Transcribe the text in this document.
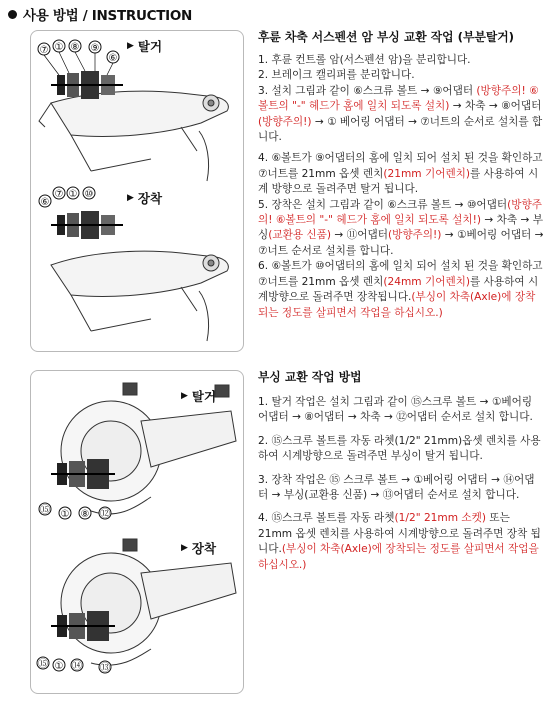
사용 방법 / INSTRUCTION
▶ 탈거
⑦ ① ⑧ ⑨
⑥
⑥
⑦ ① ⑩	▶ 장착
⑮ ① ⑧ ⑫
⑮ ① ⑭ ⑬
▶ 탈거
▶ 장착
후륜 차축 서스펜션 암 부싱 교환 작업 (부분탈거)

1. 후륜 컨트롤 암(서스펜션 암)을 분리합니다.

2. 브레이크 캘리퍼를 분리합니다.

3. 설치 그림과 같이 ⑥스크류 볼트 → ⑨어댑터 (방향주의! ⑥볼트의 "-" 헤드가 홈에 일치 되도록 설치) → 차축 → ⑧어댑터(방향주의!) → ① 베어링 어댑터 → ⑦너트의 순서로 설치를 합니다.

4. ⑥볼트가 ⑨어댑터의 홈에 일치 되어 설치 된 것을 확인하고 ⑦너트를 21mm 옵셋 렌치(21mm 기어렌치)를 사용하여 시계 방향으로 돌려주면 탈거 됩니다.

5. 장착은 설치 그림과 같이 ⑥스크류 볼트 → ⑩어댑터(방향주의! ⑥볼트의 "-" 헤드가 홈에 일치 되도록 설치!) → 차축 → 부싱(교환용 신품) → ⑪어댑터(방향주의!) → ①베어링 어댑터 → ⑦너트 순서로 설치를 합니다.

6. ⑥볼트가 ⑩어댑터의 홈에 일치 되어 설치 된 것을 확인하고 ⑦너트를 21mm 옵셋 렌치(24mm 기어렌치)를 사용하여 시계방향으로 돌려주면 장착됩니다.(부싱이 차축(Axle)에 장착되는 정도를 살피면서 작업을 하십시오.)

부싱 교환 작업 방법

1. 탈거 작업은 설치 그림과 같이 ⑮스크루 볼트 → ①베어링 어댑터 → ⑧어댑터 → 차축 → ⑫어댑터 순서로 설치 합니다.

2. ⑮스크루 볼트를 자동 라쳇(1/2" 21mm)옵셋 렌치를 사용하여 시계방향으로 돌려주면 부싱이 탈거 됩니다.

3. 장착 작업은 ⑮ 스크루 볼트 → ①베어링 어댑터 → ⑭어댑터 → 부싱(교환용 신품) → ⑬어댑터 순서로 설치 합니다.

4. ⑮스크루 볼트를 자동 라쳇(1/2" 21mm 소켓) 또는 21mm 옵셋 렌치를 사용하여 시계방향으로 돌려주면 장착 됩니다.(부싱이 차축(Axle)에 장착되는 정도를 살피면서 작업을 하십시오.)
